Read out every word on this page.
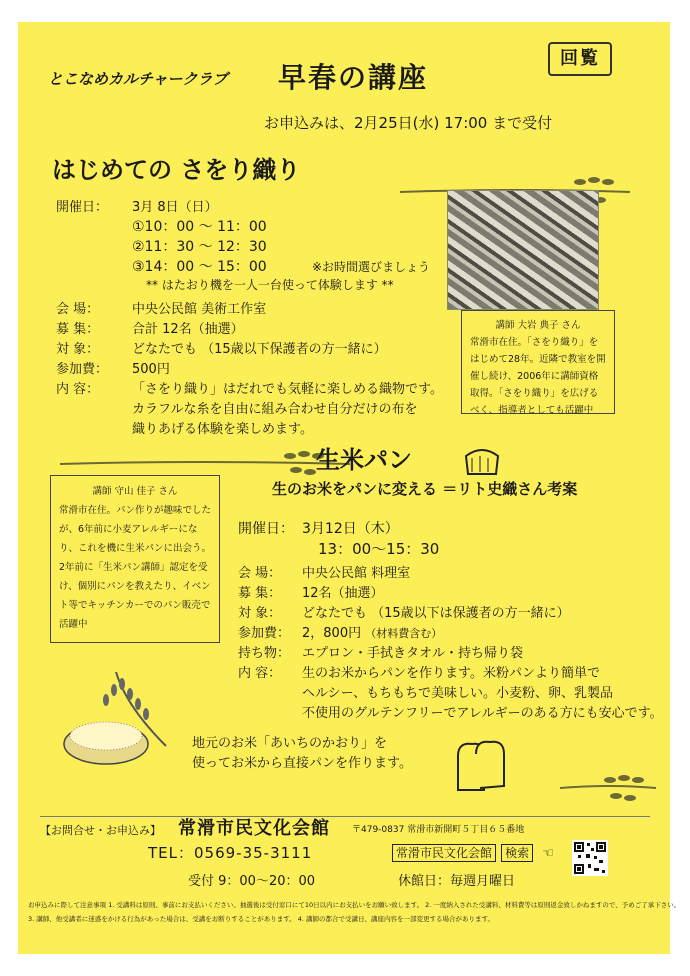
とこなめカルチャークラブ 早春の講座
回覧
お申込みは、2月25日(水) 17:00 まで受付
はじめての さをり織り
開催日： 3月 8日（日）
①10：00 ～ 11：00
②11：30 ～ 12：30
③14：00 ～ 15：00	※お時間選びましょう
** はたおり機を一人一台使って体験します **
会 場：	中央公民館 美術工作室
募 集：	合計 12名（抽選）
対 象：	どなたでも （15歳以下保護者の方一緒に）
参加費： 500円
内 容：	「さをり織り」はだれでも気軽に楽しめる織物です。
カラフルな糸を自由に組み合わせ自分だけの布を
織りあげる体験を楽しめます。
講師 大岩 典子 さん
常滑市在住。「さをり織り」をはじめて28年。近隣で教室を開催し続け、2006年に講師資格取得。「さをり織り」を広げるべく、指導者としても活躍中
生米パン
生のお米をパンに変える ＝リト史織さん考案
開催日： 3月12日（木）
13：00～15：30
会 場： 中央公民館 料理室
募 集： 12名（抽選）
対 象： どなたでも （15歳以下は保護者の方一緒に）
参加費： 2，800円 （材料費含む）
持ち物： エプロン・手拭きタオル・持ち帰り袋
内 容： 生のお米からパンを作ります。米粉パンより簡単で
ヘルシー、もちもちで美味しい。小麦粉、卵、乳製品
不使用のグルテンフリーでアレルギーのある方にも安心です。
講師 守山 佳子 さん
常滑市在住。パン作りが趣味でしたが、6年前に小麦アレルギーになり、これを機に生米パンに出会う。2年前に「生米パン講師」認定を受け、個別にパンを教えたり、イベント等でキッチンカーでのパン販売で活躍中
地元のお米「あいちのかおり」を
使ってお米から直接パンを作ります。
【お問合せ・お申込み】 常滑市民文化会館 〒479-0837 常滑市新開町５丁目６５番地
TEL：0569-35-3111	常滑市民文化会館 検索 ☜
受付 9：00～20：00	休館日：毎週月曜日
お申込みに際して注意事項 1. 受講料は原則、事前にお支払いください。抽選後は受付窓口にて10日以内にお支払いをお願い致します。 2. 一度納入された受講料、材料費等は原則返金致しかねますので、予めご了承下さい。
3. 講師、他受講者に迷惑をかける行為があった場合は、受講をお断りすることがあります。 4. 講師の都合で受講日、講座内容を一部変更する場合があります。
